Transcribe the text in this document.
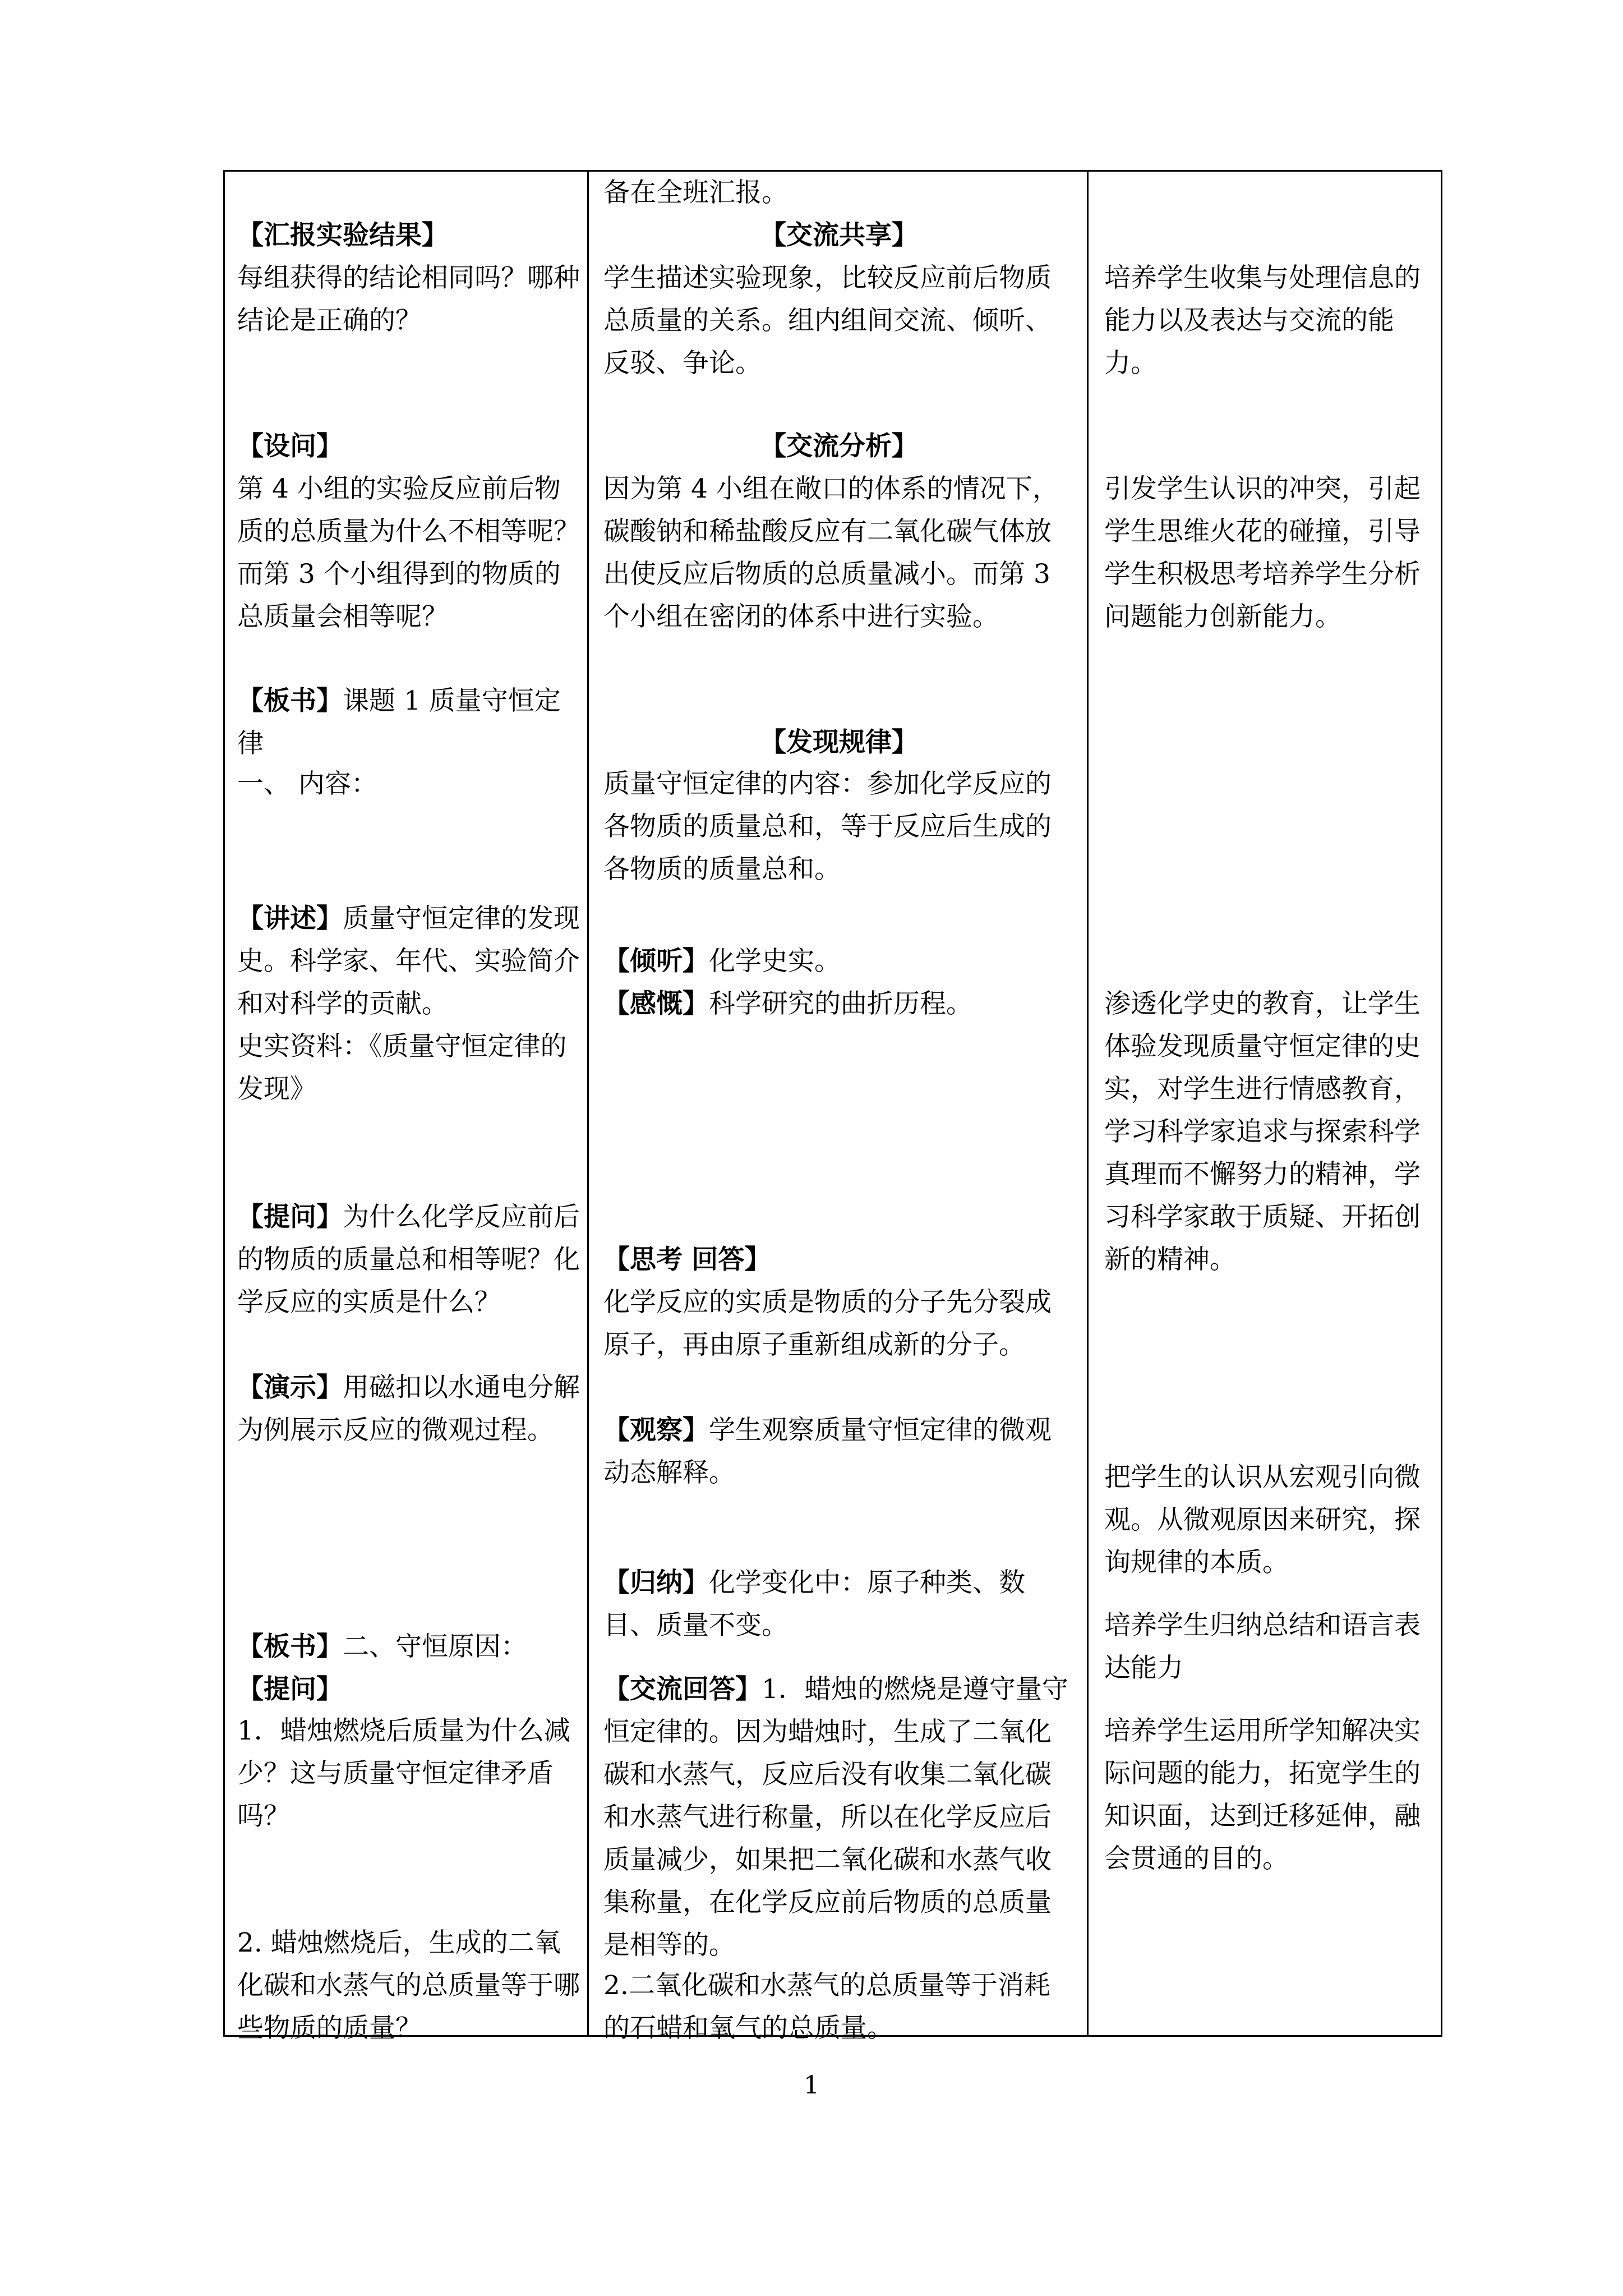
【汇报实验结果】

每组获得的结论相同吗？哪种结论是正确的？

【设问】

第 4 小组的实验反应前后物质的总质量为什么不相等呢？而第 3 个小组得到的物质的总质量会相等呢？

【板书】课题 1 质量守恒定律

一、 内容：

【讲述】质量守恒定律的发现史。科学家、年代、实验简介和对科学的贡献。

史实资料：《质量守恒定律的发现》

【提问】为什么化学反应前后的物质的质量总和相等呢？化学反应的实质是什么？

【演示】用磁扣以水通电分解为例展示反应的微观过程。

【板书】二、守恒原因：

【提问】

1．蜡烛燃烧后质量为什么减少？这与质量守恒定律矛盾吗？

2. 蜡烛燃烧后，生成的二氧化碳和水蒸气的总质量等于哪些物质的质量？

备在全班汇报。

【交流共享】

学生描述实验现象，比较反应前后物质总质量的关系。组内组间交流、倾听、反驳、争论。

【交流分析】

因为第 4 小组在敞口的体系的情况下，碳酸钠和稀盐酸反应有二氧化碳气体放出使反应后物质的总质量减小。而第 3 个小组在密闭的体系中进行实验。

【发现规律】

质量守恒定律的内容：参加化学反应的各物质的质量总和，等于反应后生成的各物质的质量总和。

【倾听】化学史实。

【感慨】科学研究的曲折历程。

【思考 回答】

化学反应的实质是物质的分子先分裂成原子，再由原子重新组成新的分子。

【观察】学生观察质量守恒定律的微观动态解释。

【归纳】化学变化中：原子种类、数目、质量不变。

【交流回答】1．蜡烛的燃烧是遵守量守恒定律的。因为蜡烛时，生成了二氧化碳和水蒸气，反应后没有收集二氧化碳和水蒸气进行称量，所以在化学反应后质量减少，如果把二氧化碳和水蒸气收集称量，在化学反应前后物质的总质量是相等的。

2.二氧化碳和水蒸气的总质量等于消耗的石蜡和氧气的总质量。

培养学生收集与处理信息的能力以及表达与交流的能力。

引发学生认识的冲突，引起学生思维火花的碰撞，引导学生积极思考培养学生分析问题能力创新能力。

渗透化学史的教育，让学生体验发现质量守恒定律的史实，对学生进行情感教育，学习科学家追求与探索科学真理而不懈努力的精神，学习科学家敢于质疑、开拓创新的精神。

把学生的认识从宏观引向微观。从微观原因来研究，探询规律的本质。

培养学生归纳总结和语言表达能力

培养学生运用所学知解决实际问题的能力，拓宽学生的知识面，达到迁移延伸，融会贯通的目的。

1
